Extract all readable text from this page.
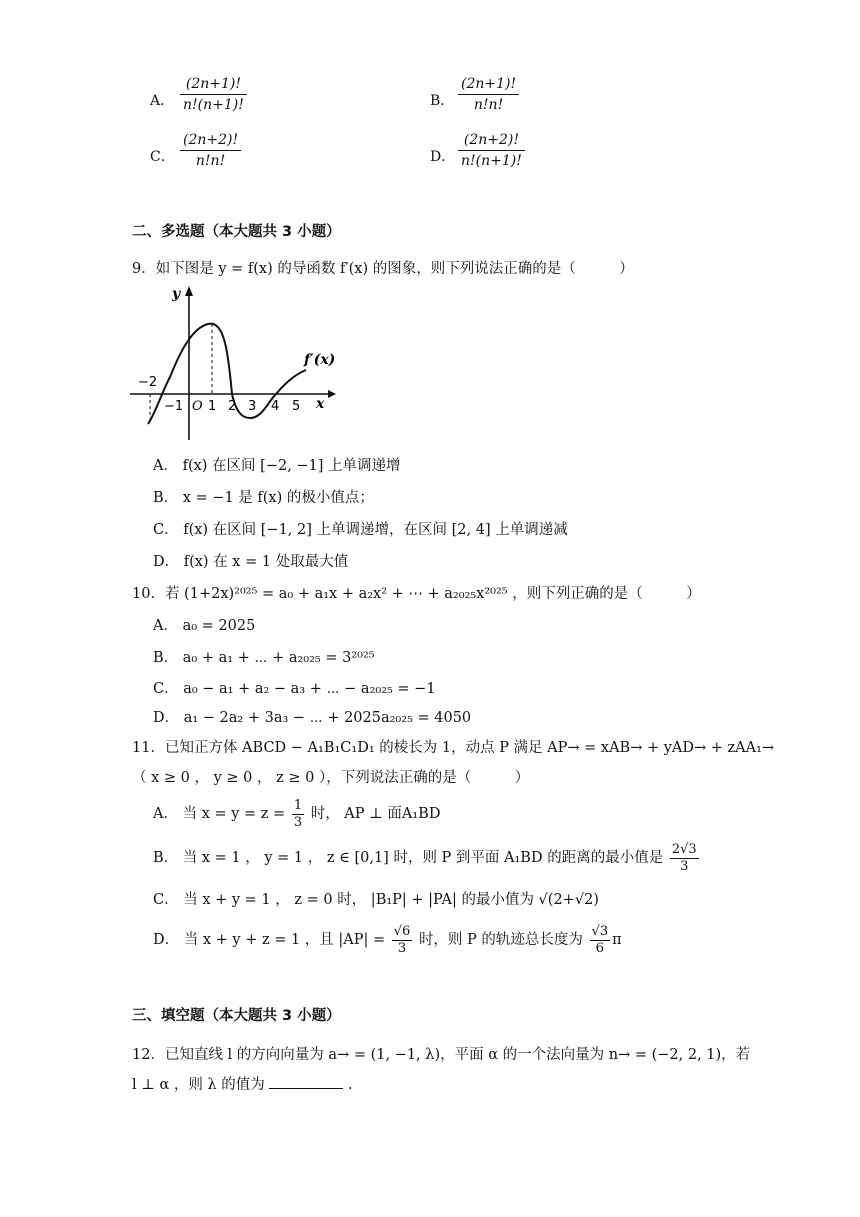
A． $\frac{(2n+1)!}{n!(n+1)!}$	B． $\frac{(2n+1)!}{n!n!}$
C． $\frac{(2n+2)!}{n!n!}$	D． $\frac{(2n+2)!}{n!(n+1)!}$
二、多选题（本大题共 3 小题）
9．如下图是 y = f(x) 的导函数 f′(x) 的图象，则下列说法正确的是（　　　）
y
x
f′(x)
−2
−1 O 1 2 3 4 5
A． f(x) 在区间 [−2, −1] 上单调递增
B． x = −1 是 f(x) 的极小值点；
C． f(x) 在区间 [−1, 2] 上单调递增，在区间 [2, 4] 上单调递减
D． f(x) 在 x = 1 处取最大值
10．若 (1+2x)²⁰²⁵ = a₀ + a₁x + a₂x² + ⋯ + a₂₀₂₅x²⁰²⁵ ，则下列正确的是（　　　）
A． a₀ = 2025
B． a₀ + a₁ + ⋯ + a₂₀₂₅ = 3²⁰²⁵
C． a₀ − a₁ + a₂ − a₃ + ⋯ − a₂₀₂₅ = −1
D． a₁ − 2a₂ + 3a₃ − ⋯ + 2025a₂₀₂₅ = 4050
11．已知正方体 ABCD − A₁B₁C₁D₁ 的棱长为 1，动点 P 满足 AP→ = xAB→ + yAD→ + zAA₁→
（ x ≥ 0 ， y ≥ 0 ， z ≥ 0 ），下列说法正确的是（　　　）
A． 当 $x = y = z = \frac{1}{3}$ 时， AP ⊥ 面A₁BD
B． 当 x = 1 ， y = 1 ， z ∈ [0,1] 时，则 P 到平面 A₁BD 的距离的最小值是 $\frac{2√3}{3}$
C． 当 x + y = 1 ， z = 0 时， |B₁P| + |PA| 的最小值为 √(2+√2)
D． 当 x + y + z = 1 ，且 $|AP| = \frac{√6}{3}$ 时，则 P 的轨迹总长度为 $\frac{√3}{6}$ π
三、填空题（本大题共 3 小题）
12．已知直线 l 的方向向量为 a→ = (1, −1, λ)，平面 α 的一个法向量为 n→ = (−2, 2, 1)，若
l ⊥ α ，则 λ 的值为	.
